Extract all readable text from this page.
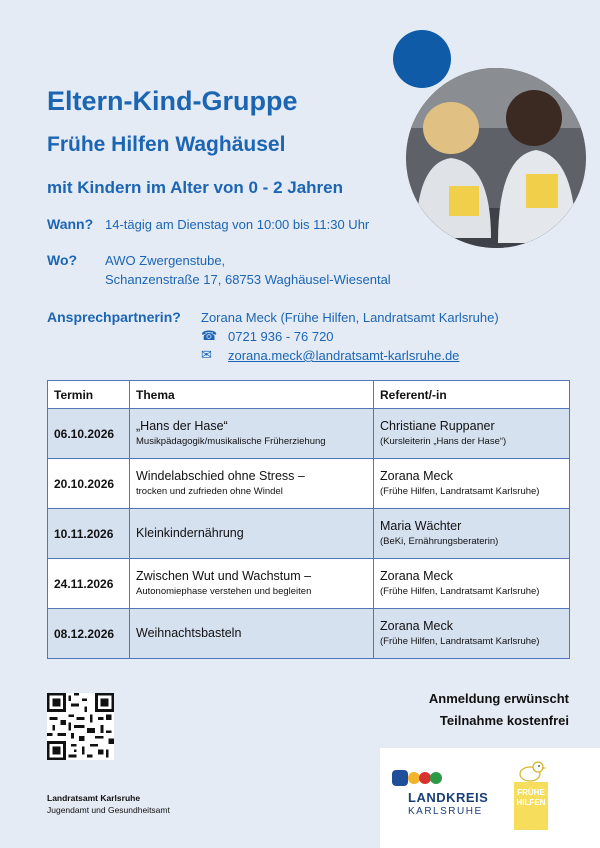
Eltern-Kind-Gruppe
Frühe Hilfen Waghäusel
mit Kindern im Alter von 0 - 2 Jahren
Wann? 14-tägig am Dienstag von 10:00 bis 11:30 Uhr
Wo? AWO Zwergenstube,
Schanzenstraße 17, 68753 Waghäusel-Wiesental
Ansprechpartnerin? Zorana Meck (Frühe Hilfen, Landratsamt Karlsruhe)
☎ 0721 936 - 76 720
✉ zorana.meck@landratsamt-karlsruhe.de
Termin	Thema	Referent/-in
06.10.2026	„Hans der Hase“
Musikpädagogik/musikalische Früherziehung	Christiane Ruppaner
(Kursleiterin „Hans der Hase“)

20.10.2026	Windelabschied ohne Stress –
trocken und zufrieden ohne Windel	Zorana Meck
(Frühe Hilfen, Landratsamt Karlsruhe)

10.11.2026	Kleinkindernährung	Maria Wächter
(BeKi, Ernährungsberaterin)

24.11.2026	Zwischen Wut und Wachstum –
Autonomiephase verstehen und begleiten	Zorana Meck
(Frühe Hilfen, Landratsamt Karlsruhe)

08.12.2026	Weihnachtsbasteln	Zorana Meck
(Frühe Hilfen, Landratsamt Karlsruhe)
Anmeldung erwünscht
Teilnahme kostenfrei
Landratsamt Karlsruhe
Jugendamt und Gesundheitsamt
LANDKREIS
KARLSRUHE
FRÜHE
HILFEN
